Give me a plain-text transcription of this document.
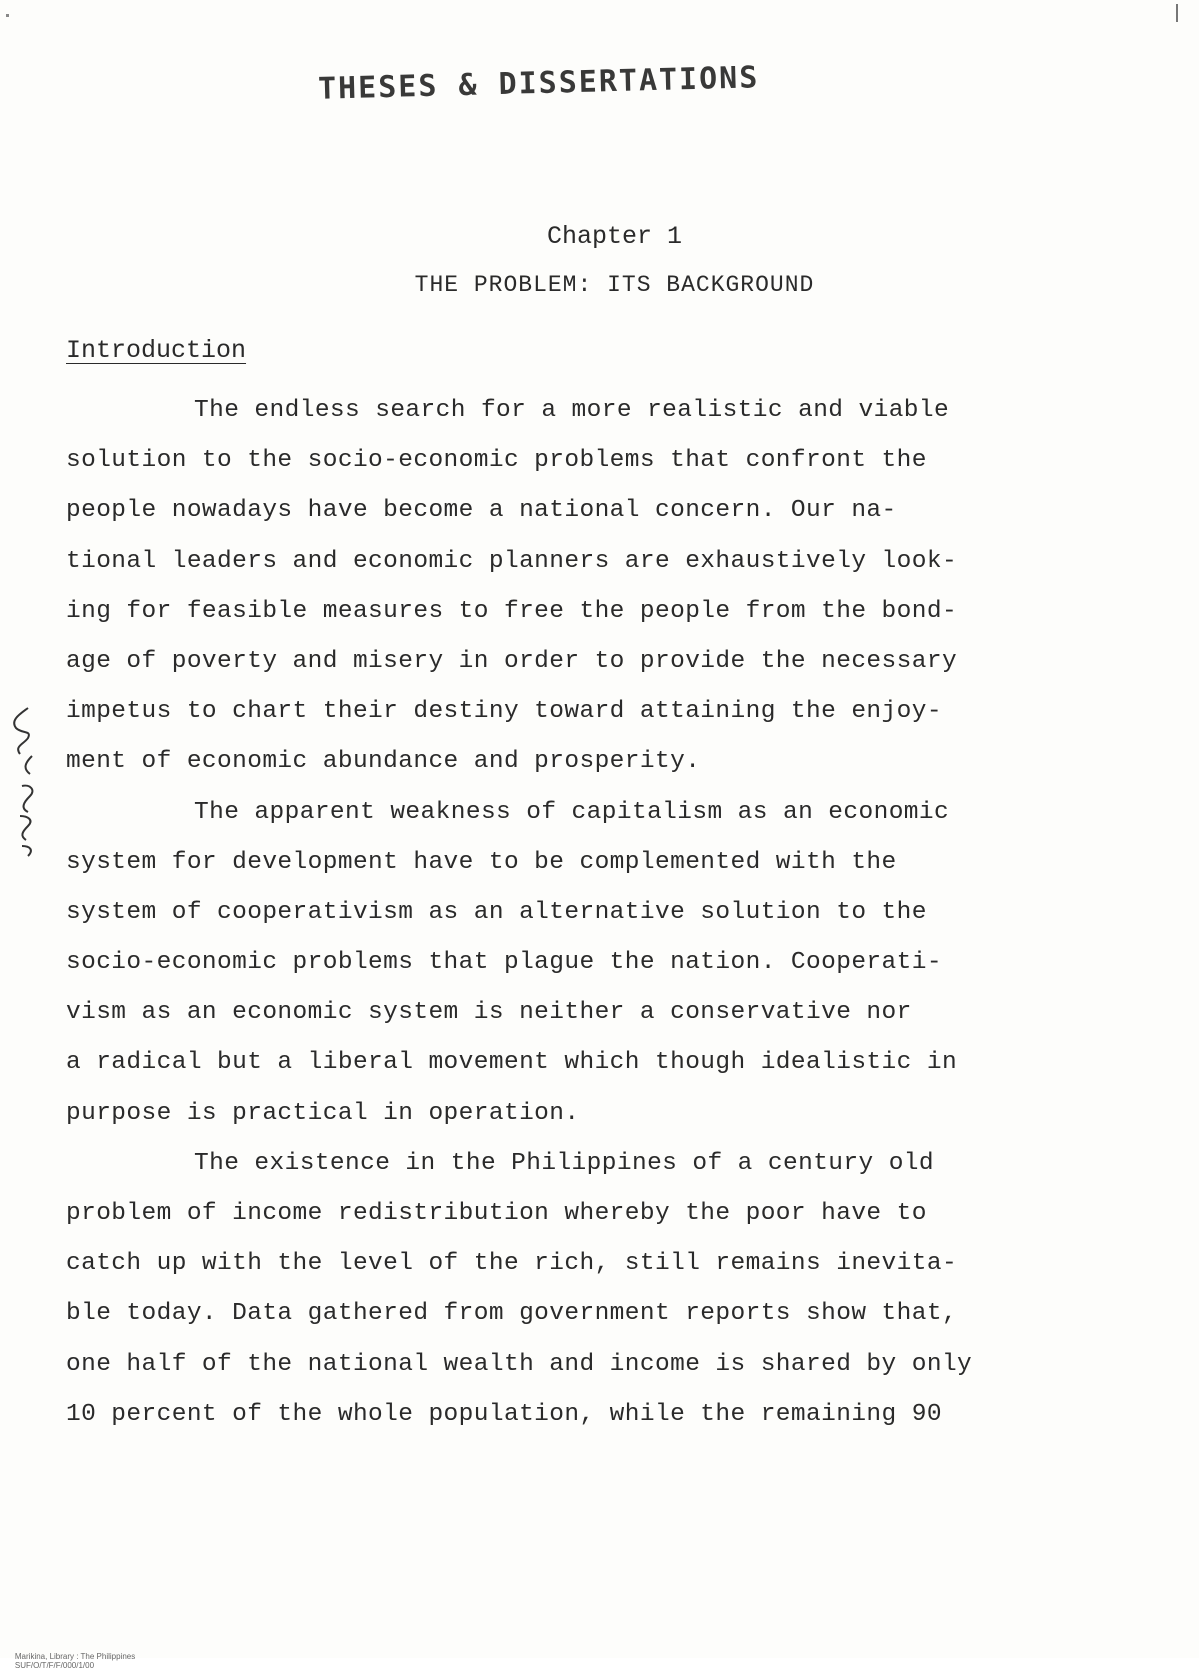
THESES & DISSERTATIONS
Chapter 1
THE PROBLEM: ITS BACKGROUND
Introduction
The endless search for a more realistic and viable
solution to the socio-economic problems that confront the
people nowadays have become a national concern. Our na-
tional leaders and economic planners are exhaustively look-
ing for feasible measures to free the people from the bond-
age of poverty and misery in order to provide the necessary
impetus to chart their destiny toward attaining the enjoy-
ment of economic abundance and prosperity.
The apparent weakness of capitalism as an economic
system for development have to be complemented with the
system of cooperativism as an alternative solution to the
socio-economic problems that plague the nation. Cooperati-
vism as an economic system is neither a conservative nor
a radical but a liberal movement which though idealistic in
purpose is practical in operation.
The existence in the Philippines of a century old
problem of income redistribution whereby the poor have to
catch up with the level of the rich, still remains inevita-
ble today. Data gathered from government reports show that,
one half of the national wealth and income is shared by only
10 percent of the whole population, while the remaining 90

Marikina, Library : The Philippines
SUF/O/T/F/F/000/1/00
